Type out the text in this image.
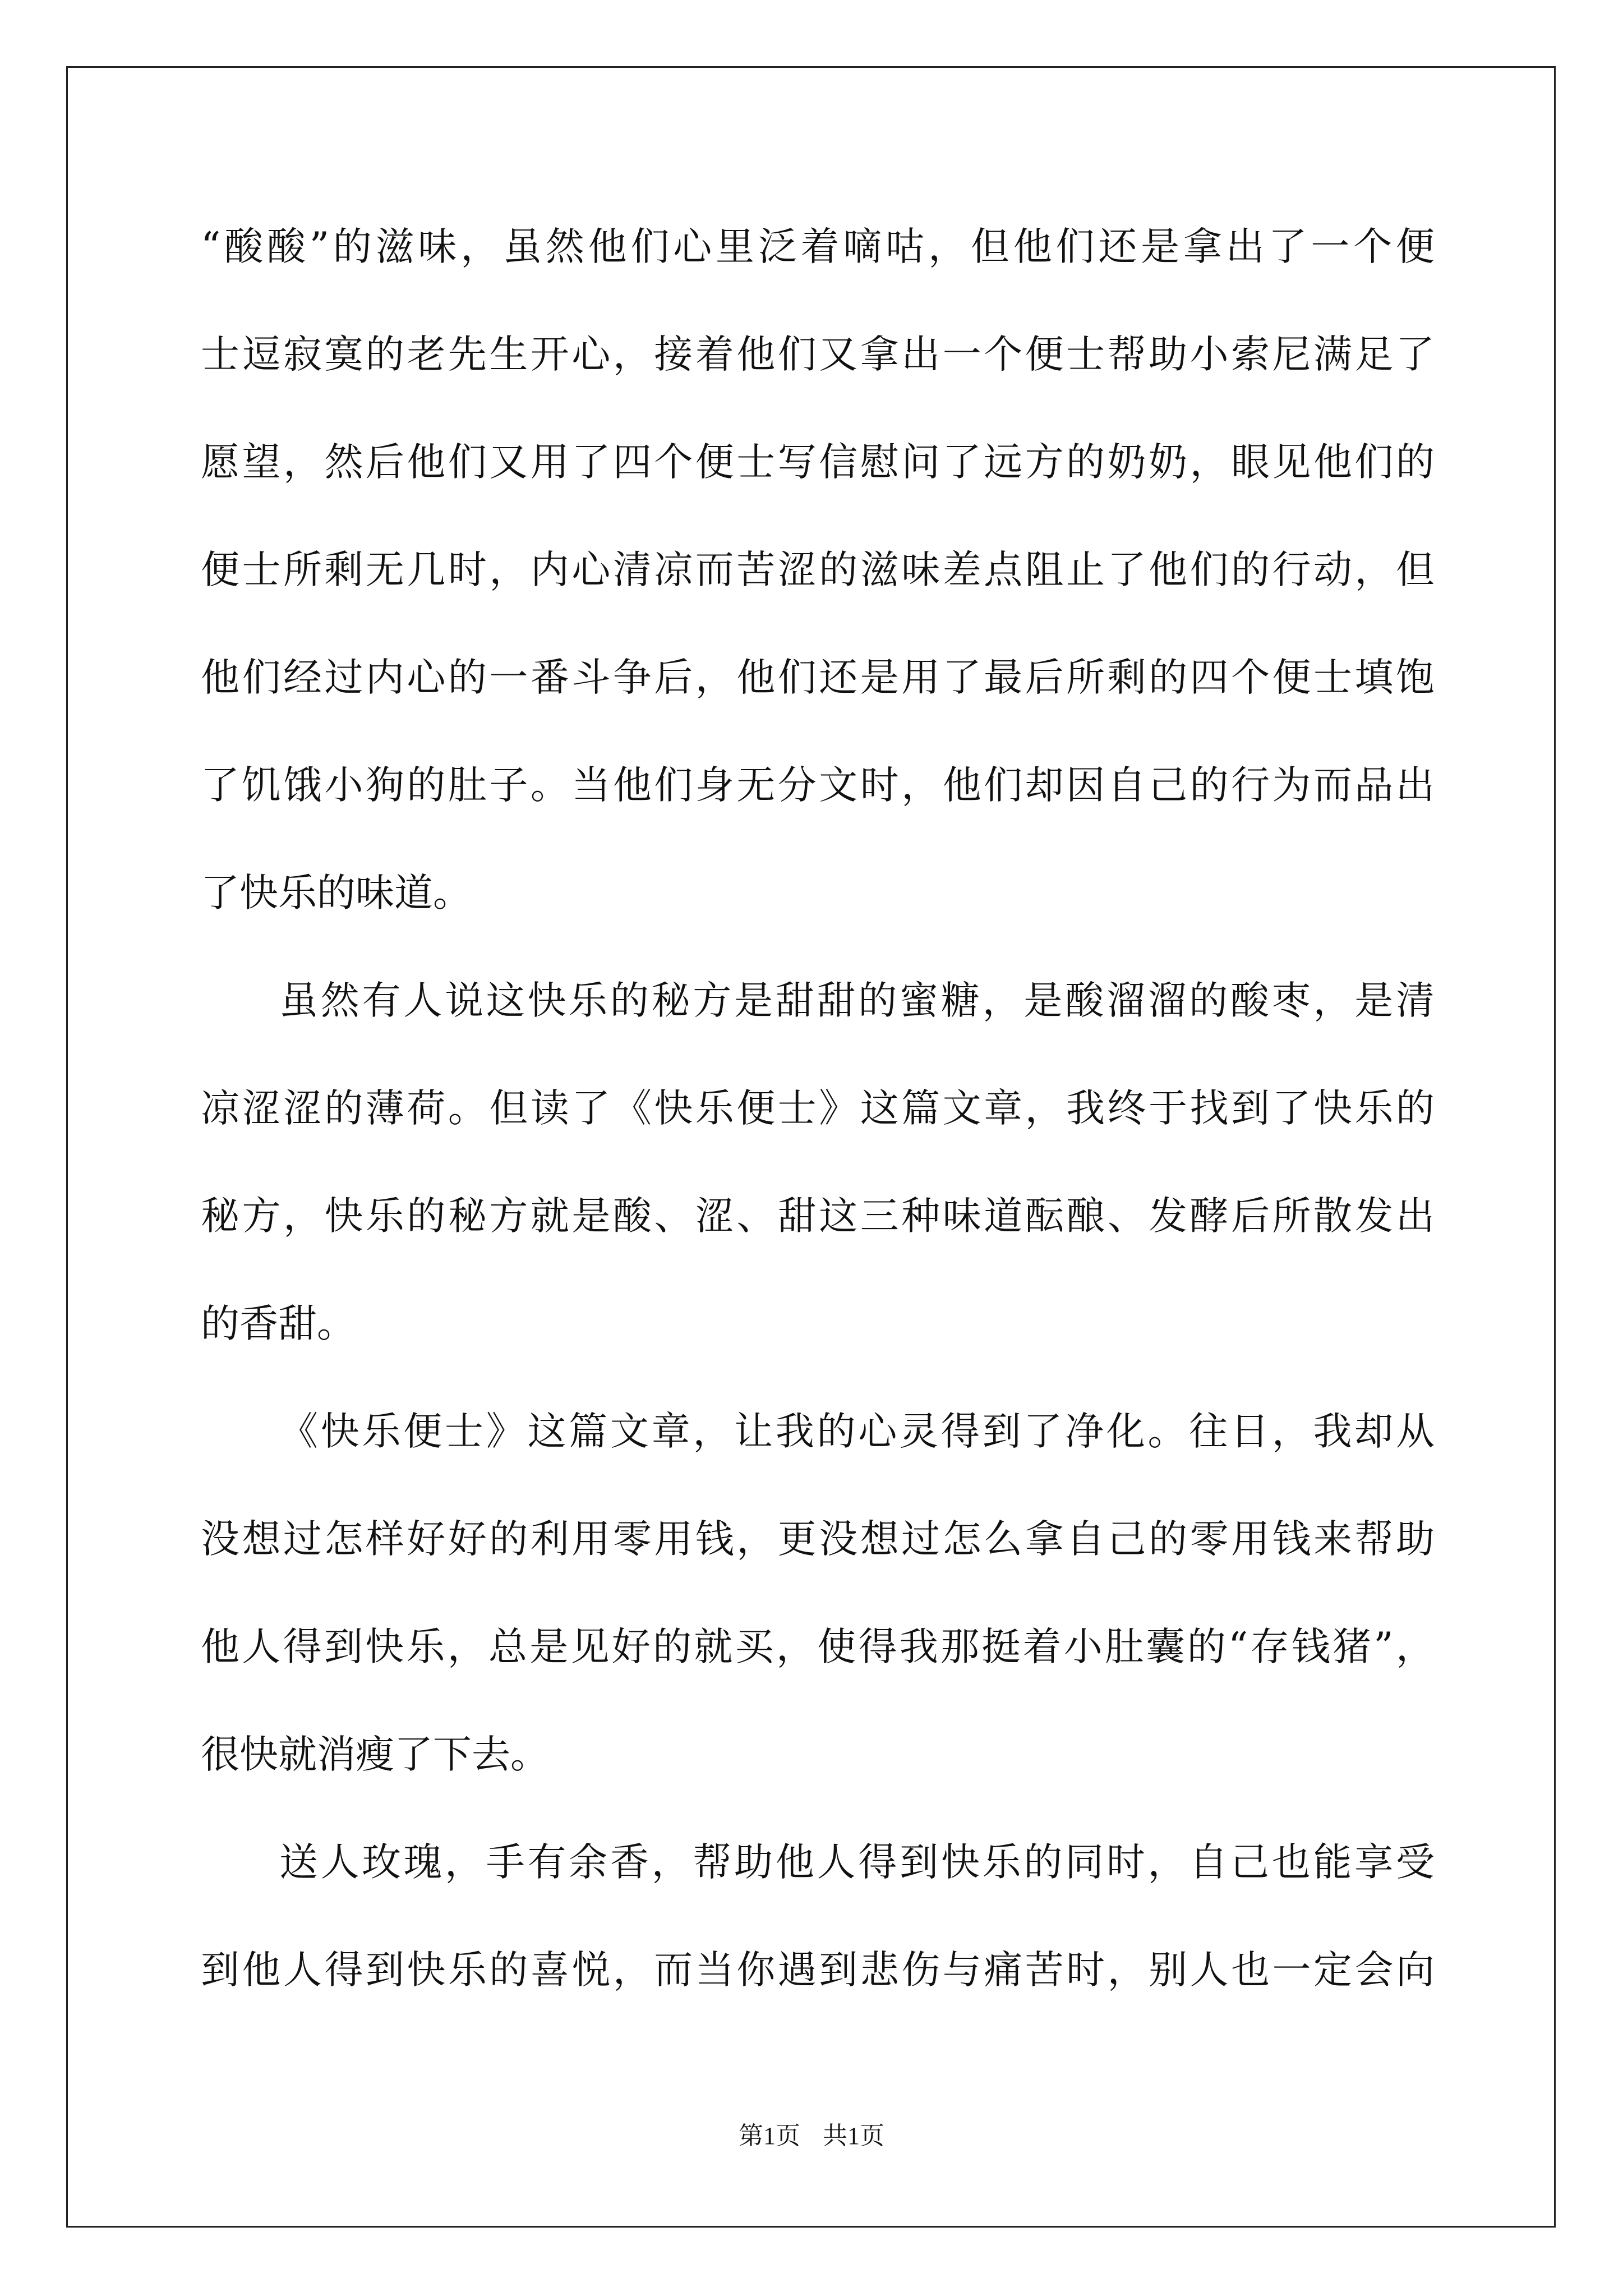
“酸酸”的滋味，虽然他们心里泛着嘀咕，但他们还是拿出了一个便
士逗寂寞的老先生开心，接着他们又拿出一个便士帮助小索尼满足了
愿望，然后他们又用了四个便士写信慰问了远方的奶奶，眼见他们的
便士所剩无几时，内心清凉而苦涩的滋味差点阻止了他们的行动，但
他们经过内心的一番斗争后，他们还是用了最后所剩的四个便士填饱
了饥饿小狗的肚子。当他们身无分文时，他们却因自己的行为而品出
了快乐的味道。
虽然有人说这快乐的秘方是甜甜的蜜糖，是酸溜溜的酸枣，是清
凉涩涩的薄荷。但读了《快乐便士》这篇文章，我终于找到了快乐的
秘方，快乐的秘方就是酸、涩、甜这三种味道酝酿、发酵后所散发出
的香甜。
《快乐便士》这篇文章，让我的心灵得到了净化。往日，我却从
没想过怎样好好的利用零用钱，更没想过怎么拿自己的零用钱来帮助
他人得到快乐，总是见好的就买，使得我那挺着小肚囊的“存钱猪”，
很快就消瘦了下去。
送人玫瑰，手有余香，帮助他人得到快乐的同时，自己也能享受
到他人得到快乐的喜悦，而当你遇到悲伤与痛苦时，别人也一定会向
第1页 共1页
